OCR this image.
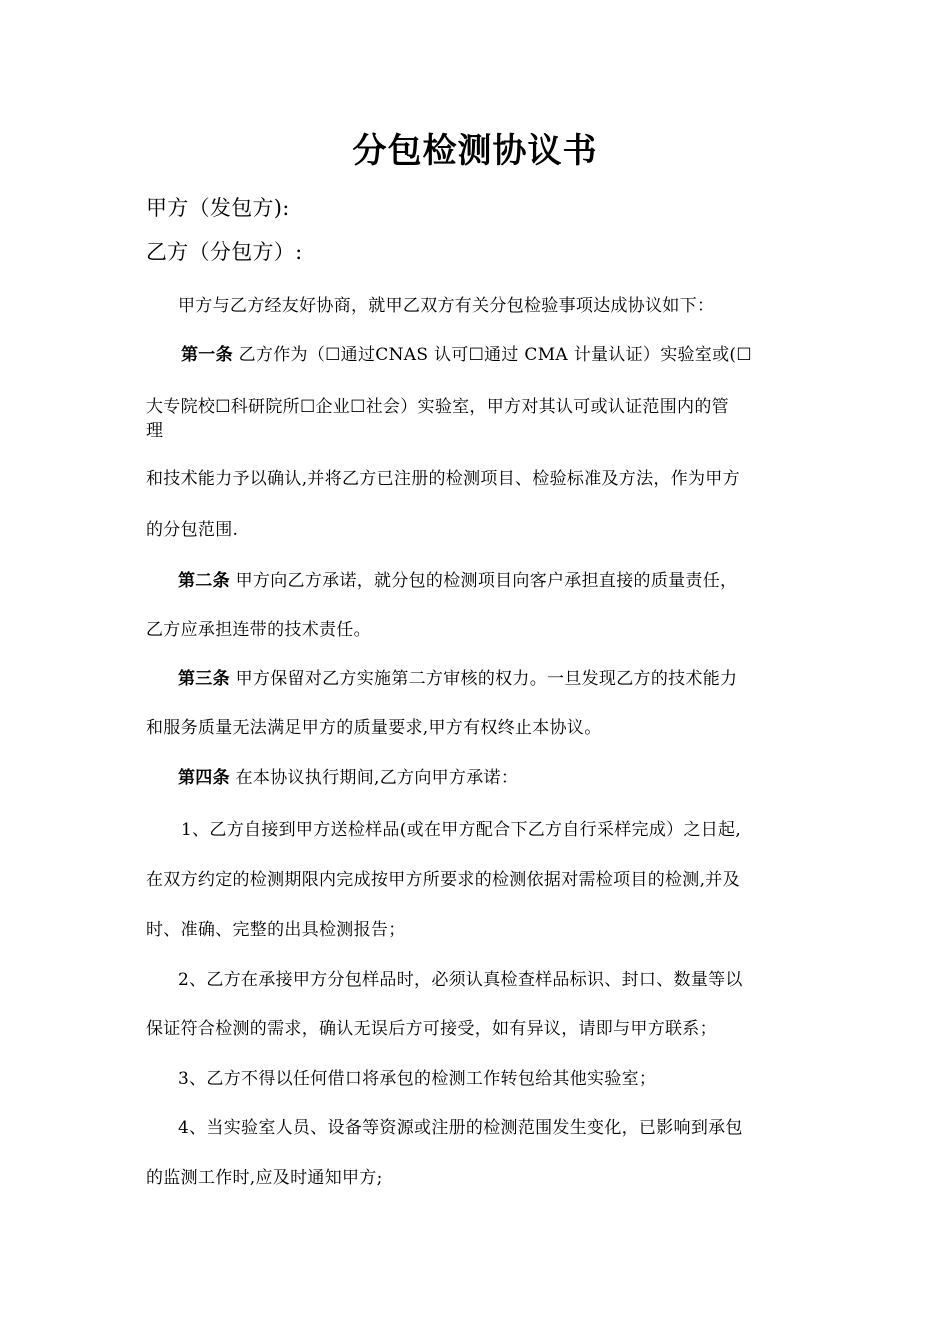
分包检测协议书
甲方（发包方):
乙方（分包方）:
甲方与乙方经友好协商，就甲乙双方有关分包检验事项达成协议如下：
第一条 乙方作为（☐通过CNAS 认可☐通过 CMA 计量认证）实验室或(☐
大专院校☐科研院所☐企业☐社会）实验室，甲方对其认可或认证范围内的管
理
和技术能力予以确认,并将乙方已注册的检测项目、检验标准及方法，作为甲方
的分包范围.
第二条 甲方向乙方承诺，就分包的检测项目向客户承担直接的质量责任，
乙方应承担连带的技术责任。
第三条 甲方保留对乙方实施第二方审核的权力。一旦发现乙方的技术能力
和服务质量无法满足甲方的质量要求,甲方有权终止本协议。
第四条 在本协议执行期间,乙方向甲方承诺：
1、乙方自接到甲方送检样品(或在甲方配合下乙方自行采样完成）之日起,
在双方约定的检测期限内完成按甲方所要求的检测依据对需检项目的检测,并及
时、准确、完整的出具检测报告；
2、乙方在承接甲方分包样品时，必须认真检查样品标识、封口、数量等以
保证符合检测的需求，确认无误后方可接受，如有异议，请即与甲方联系；
3、乙方不得以任何借口将承包的检测工作转包给其他实验室；
4、当实验室人员、设备等资源或注册的检测范围发生变化，已影响到承包
的监测工作时,应及时通知甲方;
